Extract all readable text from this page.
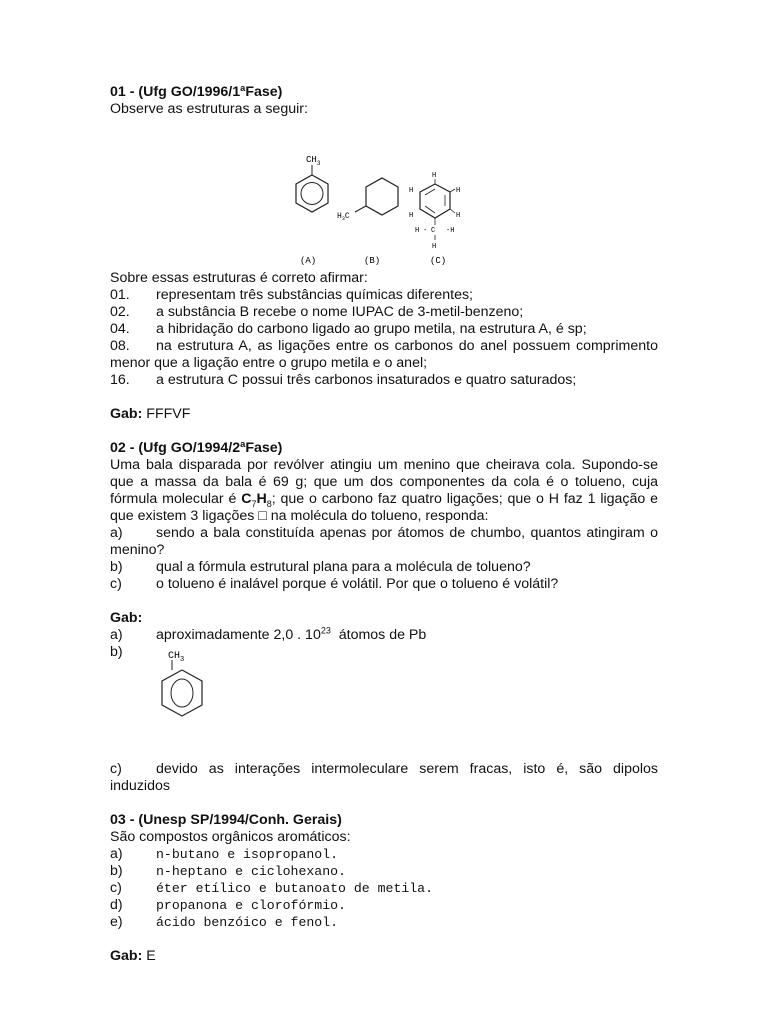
01 - (Ufg GO/1996/1ªFase)
Observe as estruturas a seguir:
$CH_3$
(A)
$H_3C$
(B)
H
H	H
H	H
H - C -H
H
(C)
Sobre essas estruturas é correto afirmar:
01.	representam três substâncias químicas diferentes;
02.	a substância B recebe o nome IUPAC de 3-metil-benzeno;
04.	a hibridação do carbono ligado ao grupo metila, na estrutura A, é sp;
08. na estrutura A, as ligações entre os carbonos do anel possuem comprimento menor que a ligação entre o grupo metila e o anel;
16.	a estrutura C possui três carbonos insaturados e quatro saturados;
Gab: FFFVF
02 - (Ufg GO/1994/2ªFase)
Uma bala disparada por revólver atingiu um menino que cheirava cola. Supondo-se que a massa da bala é 69 g; que um dos componentes da cola é o tolueno, cuja fórmula molecular é $C_7H_8$; que o carbono faz quatro ligações; que o H faz 1 ligação e que existem 3 ligações □ na molécula do tolueno, responda:
a) sendo a bala constituída apenas por átomos de chumbo, quantos atingiram o menino?
b)	qual a fórmula estrutural plana para a molécula de tolueno?
c)	o tolueno é inalável porque é volátil. Por que o tolueno é volátil?
Gab:
a)	aproximadamente 2,0 . $10^{23}$  átomos de Pb
b)	$CH_3$
c) devido as interações intermoleculare serem fracas, isto é, são dipolos induzidos
03 - (Unesp SP/1994/Conh. Gerais)
São compostos orgânicos aromáticos:
a)	n-butano e isopropanol.
b)	n-heptano e ciclohexano.
c)	éter etílico e butanoato de metila.
d)	propanona e clorofórmio.
e)	ácido benzóico e fenol.
Gab: E
